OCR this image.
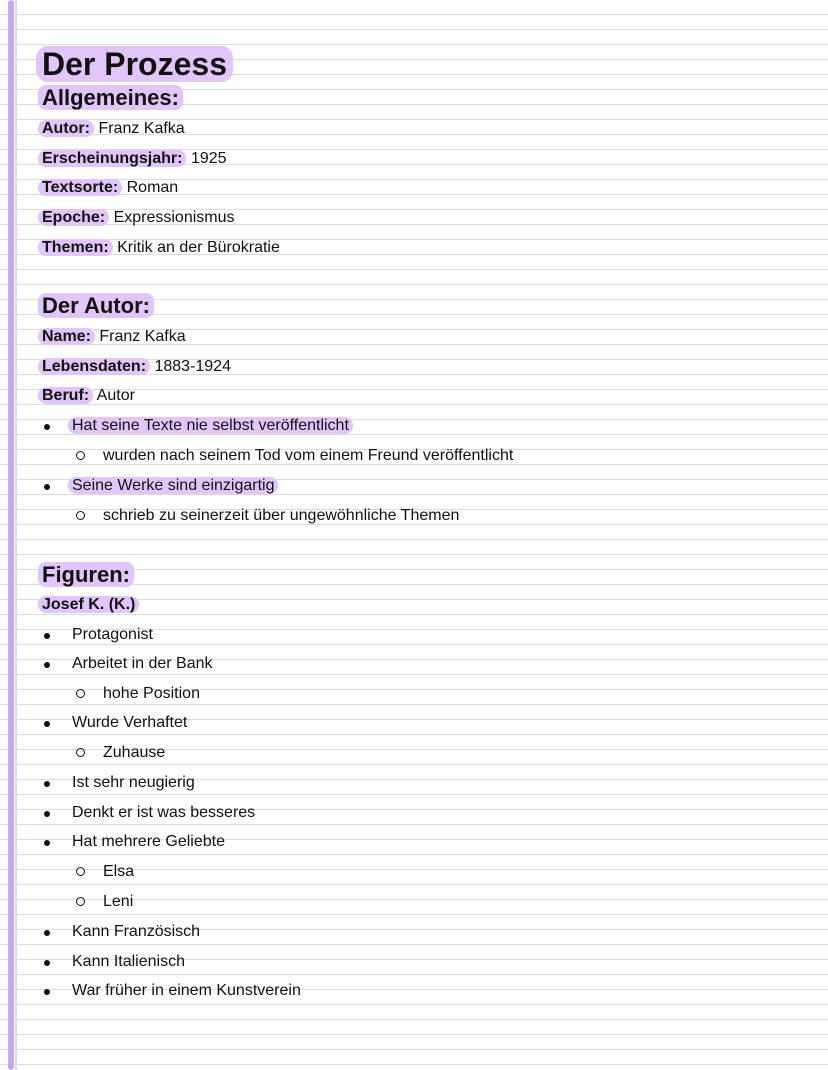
Der Prozess
Allgemeines:
Autor: Franz Kafka
Erscheinungsjahr: 1925
Textsorte: Roman
Epoche: Expressionismus
Themen: Kritik an der Bürokratie
Der Autor:
Name: Franz Kafka
Lebensdaten: 1883-1924
Beruf: Autor
Hat seine Texte nie selbst veröffentlicht
wurden nach seinem Tod vom einem Freund veröffentlicht
Seine Werke sind einzigartig
schrieb zu seinerzeit über ungewöhnliche Themen
Figuren:
Josef K. (K.)
Protagonist
Arbeitet in der Bank
hohe Position
Wurde Verhaftet
Zuhause
Ist sehr neugierig
Denkt er ist was besseres
Hat mehrere Geliebte
Elsa
Leni
Kann Französisch
Kann Italienisch
War früher in einem Kunstverein
